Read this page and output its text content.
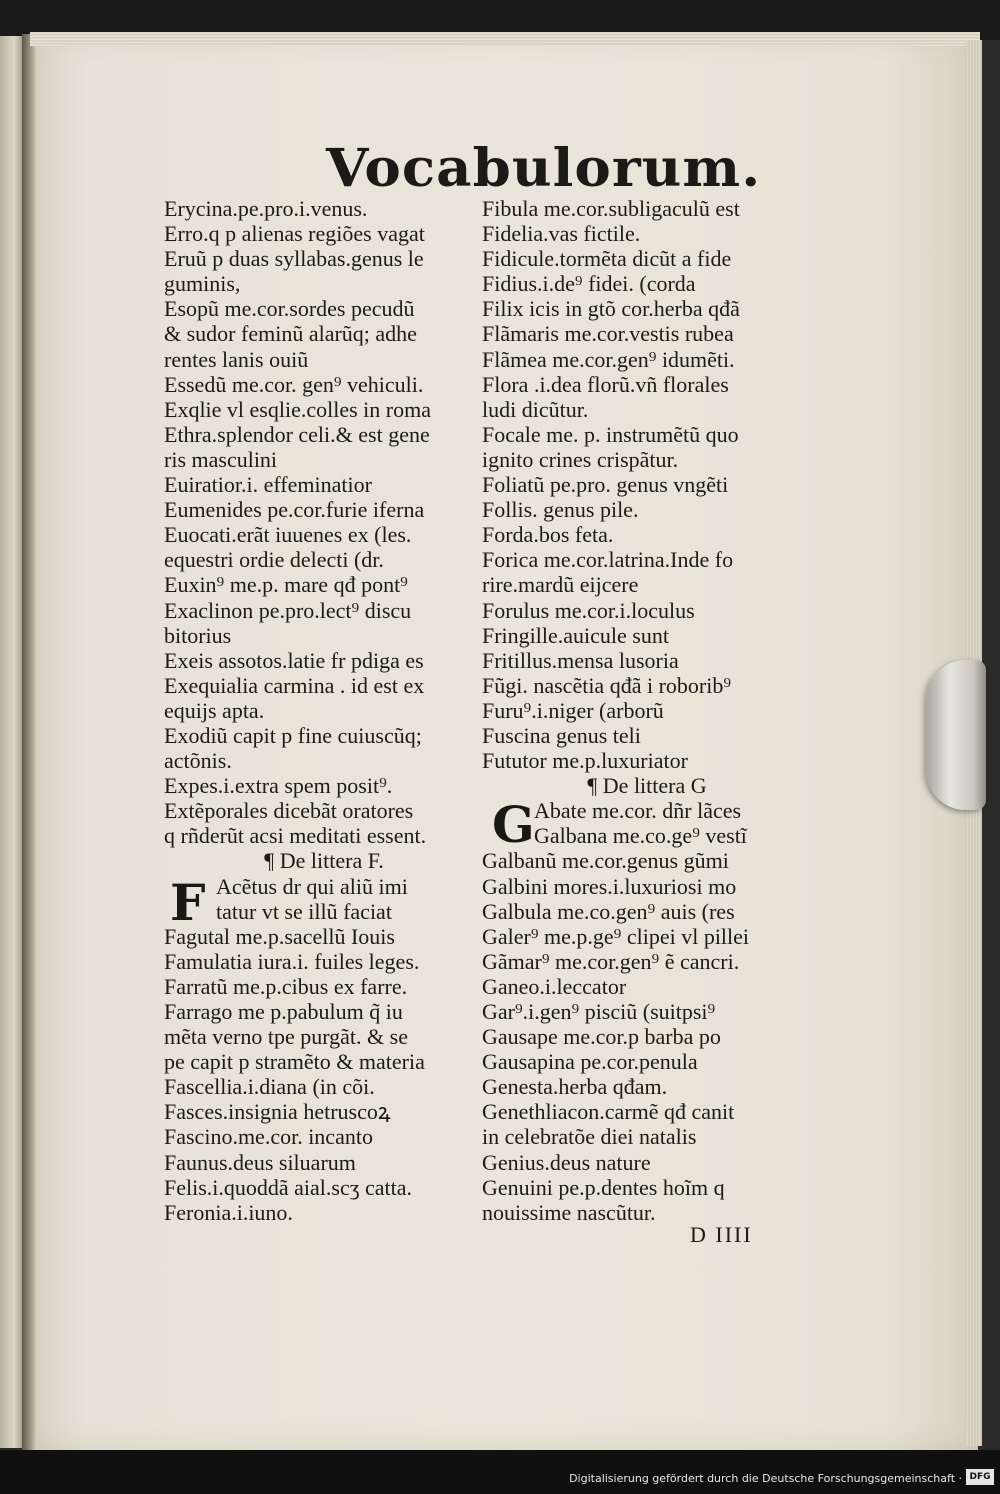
Vocabulorum.
Erycina.pe.pro.i.venus.
Erro.q p alienas regiões vagat
Eruũ p duas syllabas.genus le
guminis,
Esopũ me.cor.sordes pecudũ
& sudor feminũ alarũq; adhe
rentes lanis ouiũ
Essedũ me.cor. gen⁹ vehiculi.
Exqlie vl esqlie.colles in roma
Ethra.splendor celi.& est gene
ris masculini
Euiratior.i. effeminatior
Eumenides pe.cor.furie iferna
Euocati.erãt iuuenes ex (les.
equestri ordie delecti (dr.
Euxin⁹ me.p. mare qđ pont⁹
Exaclinon pe.pro.lect⁹ discu
bitorius
Exeis assotos.latie fr pdiga es
Exequialia carmina . id est ex
equijs apta.
Exodiũ capit p fine cuiuscũq;
actõnis.
Expes.i.extra spem posit⁹.
Extẽporales dicebãt oratores
q rñderũt acsi meditati essent.
¶ De littera F.
F Acẽtus dr qui aliũ imi
tatur vt se illũ faciat
Fagutal me.p.sacellũ Iouis
Famulatia iura.i. fuiles leges.
Farratũ me.p.cibus ex farre.
Farrago me p.pabulum q̃ iu
mẽta verno tpe purgãt. & se
pe capit p stramẽto & materia
Fascellia.i.diana (in cõi.
Fasces.insignia hetruscoꝝ
Fascino.me.cor. incanto
Faunus.deus siluarum
Felis.i.quoddã aial.scʒ catta.
Feronia.i.iuno.
Fibula me.cor.subligaculũ est
Fidelia.vas fictile.
Fidicule.tormẽta dicũt a fide
Fidius.i.de⁹ fidei. (corda
Filix icis in gtõ cor.herba qđã
Flãmaris me.cor.vestis rubea
Flãmea me.cor.gen⁹ idumẽti.
Flora .i.dea florũ.vñ florales
ludi dicũtur.
Focale me. p. instrumẽtũ quo
ignito crines crispãtur.
Foliatũ pe.pro. genus vngẽti
Follis. genus pile.
Forda.bos feta.
Forica me.cor.latrina.Inde fo
rire.mardũ eijcere
Forulus me.cor.i.loculus
Fringille.auicule sunt
Fritillus.mensa lusoria
Fũgi. nascẽtia qđã i roborib⁹
Furu⁹.i.niger (arborũ
Fuscina genus teli
Fututor me.p.luxuriator
¶ De littera G
G Abate me.cor. dñr lãces
Galbana me.co.ge⁹ vestĩ
Galbanũ me.cor.genus gũmi
Galbini mores.i.luxuriosi mo
Galbula me.co.gen⁹ auis (res
Galer⁹ me.p.ge⁹ clipei vl pillei
Gãmar⁹ me.cor.gen⁹ ẽ cancri.
Ganeo.i.leccator
Gar⁹.i.gen⁹ pisciũ (suitpsi⁹
Gausape me.cor.p barba po
Gausapina pe.cor.penula
Genesta.herba qđam.
Genethliacon.carmẽ qđ canit
in celebratõe diei natalis
Genius.deus nature
Genuini pe.p.dentes hoĩm q
nouissime nascũtur.
D IIII
Digitalisierung gefördert durch die Deutsche Forschungsgemeinschaft · DFG
